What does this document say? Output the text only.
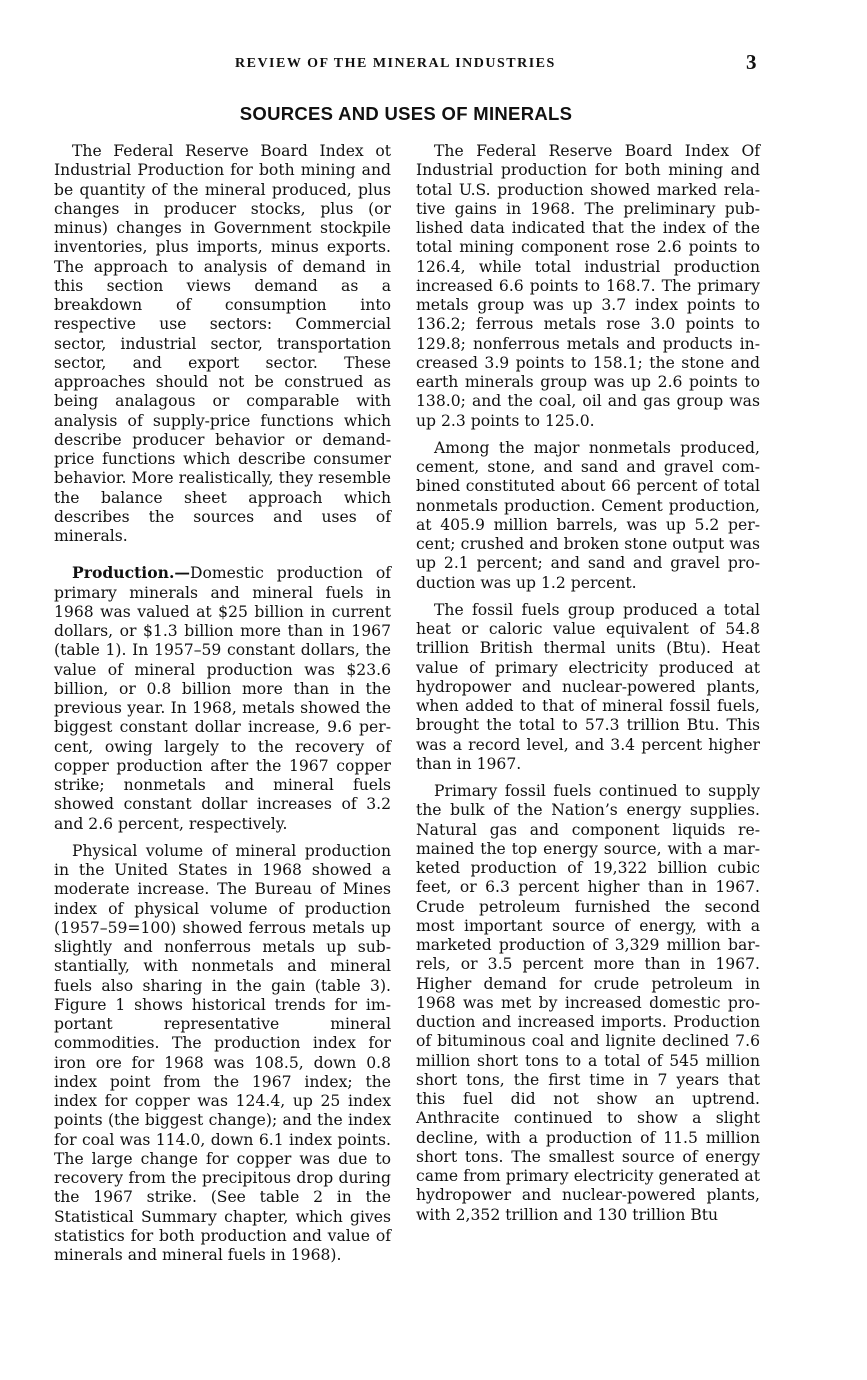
REVIEW OF THE MINERAL INDUSTRIES	3
SOURCES AND USES OF MINERALS

The Federal Reserve Board Index ot Industrial Production for both mining and be quantity of the mineral produced, plus changes in producer stocks, plus (or minus) changes in Government stockpile inventories, plus imports, minus exports. The approach to analysis of demand in this section views demand as a breakdown of consumption into respective use sectors: Commercial sector, industrial sector, transportation sector, and export sector. These approaches should not be construed as being analagous or comparable with analysis of supply-price functions which describe producer behavior or demand-price functions which describe consumer behavior. More realistically, they resemble the balance sheet approach which describes the sources and uses of minerals.

Production.—Domestic production of primary minerals and mineral fuels in 1968 was valued at $25 billion in current dollars, or $1.3 billion more than in 1967 (table 1). In 1957–59 constant dollars, the value of mineral production was $23.6 billion, or 0.8 billion more than in the previous year. In 1968, metals showed the biggest constant dollar increase, 9.6 percent, owing largely to the recovery of copper production after the 1967 copper strike; nonmetals and mineral fuels showed constant dollar increases of 3.2 and 2.6 percent, respectively.

Physical volume of mineral production in the United States in 1968 showed a moderate increase. The Bureau of Mines index of physical volume of production (1957–59=100) showed ferrous metals up slightly and nonferrous metals up substantially, with nonmetals and mineral fuels also sharing in the gain (table 3). Figure 1 shows historical trends for important representative mineral commodities. The production index for iron ore for 1968 was 108.5, down 0.8 index point from the 1967 index; the index for copper was 124.4, up 25 index points (the biggest change); and the index for coal was 114.0, down 6.1 index points. The large change for copper was due to recovery from the precipitous drop during the 1967 strike. (See table 2 in the Statistical Summary chapter, which gives statistics for both production and value of minerals and mineral fuels in 1968).

The Federal Reserve Board Index Of Industrial production for both mining and total U.S. production showed marked relative gains in 1968. The preliminary published data indicated that the index of the total mining component rose 2.6 points to 126.4, while total industrial production increased 6.6 points to 168.7. The primary metals group was up 3.7 index points to 136.2; ferrous metals rose 3.0 points to 129.8; nonferrous metals and products increased 3.9 points to 158.1; the stone and earth minerals group was up 2.6 points to 138.0; and the coal, oil and gas group was up 2.3 points to 125.0.

Among the major nonmetals produced, cement, stone, and sand and gravel combined constituted about 66 percent of total nonmetals production. Cement production, at 405.9 million barrels, was up 5.2 percent; crushed and broken stone output was up 2.1 percent; and sand and gravel production was up 1.2 percent.

The fossil fuels group produced a total heat or caloric value equivalent of 54.8 trillion British thermal units (Btu). Heat value of primary electricity produced at hydropower and nuclear-powered plants, when added to that of mineral fossil fuels, brought the total to 57.3 trillion Btu. This was a record level, and 3.4 percent higher than in 1967.

Primary fossil fuels continued to supply the bulk of the Nation’s energy supplies. Natural gas and component liquids remained the top energy source, with a marketed production of 19,322 billion cubic feet, or 6.3 percent higher than in 1967. Crude petroleum furnished the second most important source of energy, with a marketed production of 3,329 million barrels, or 3.5 percent more than in 1967. Higher demand for crude petroleum in 1968 was met by increased domestic production and increased imports. Production of bituminous coal and lignite declined 7.6 million short tons to a total of 545 million short tons, the first time in 7 years that this fuel did not show an uptrend. Anthracite continued to show a slight decline, with a production of 11.5 million short tons. The smallest source of energy came from primary electricity generated at hydropower and nuclear-powered plants, with 2,352 trillion and 130 trillion Btu
